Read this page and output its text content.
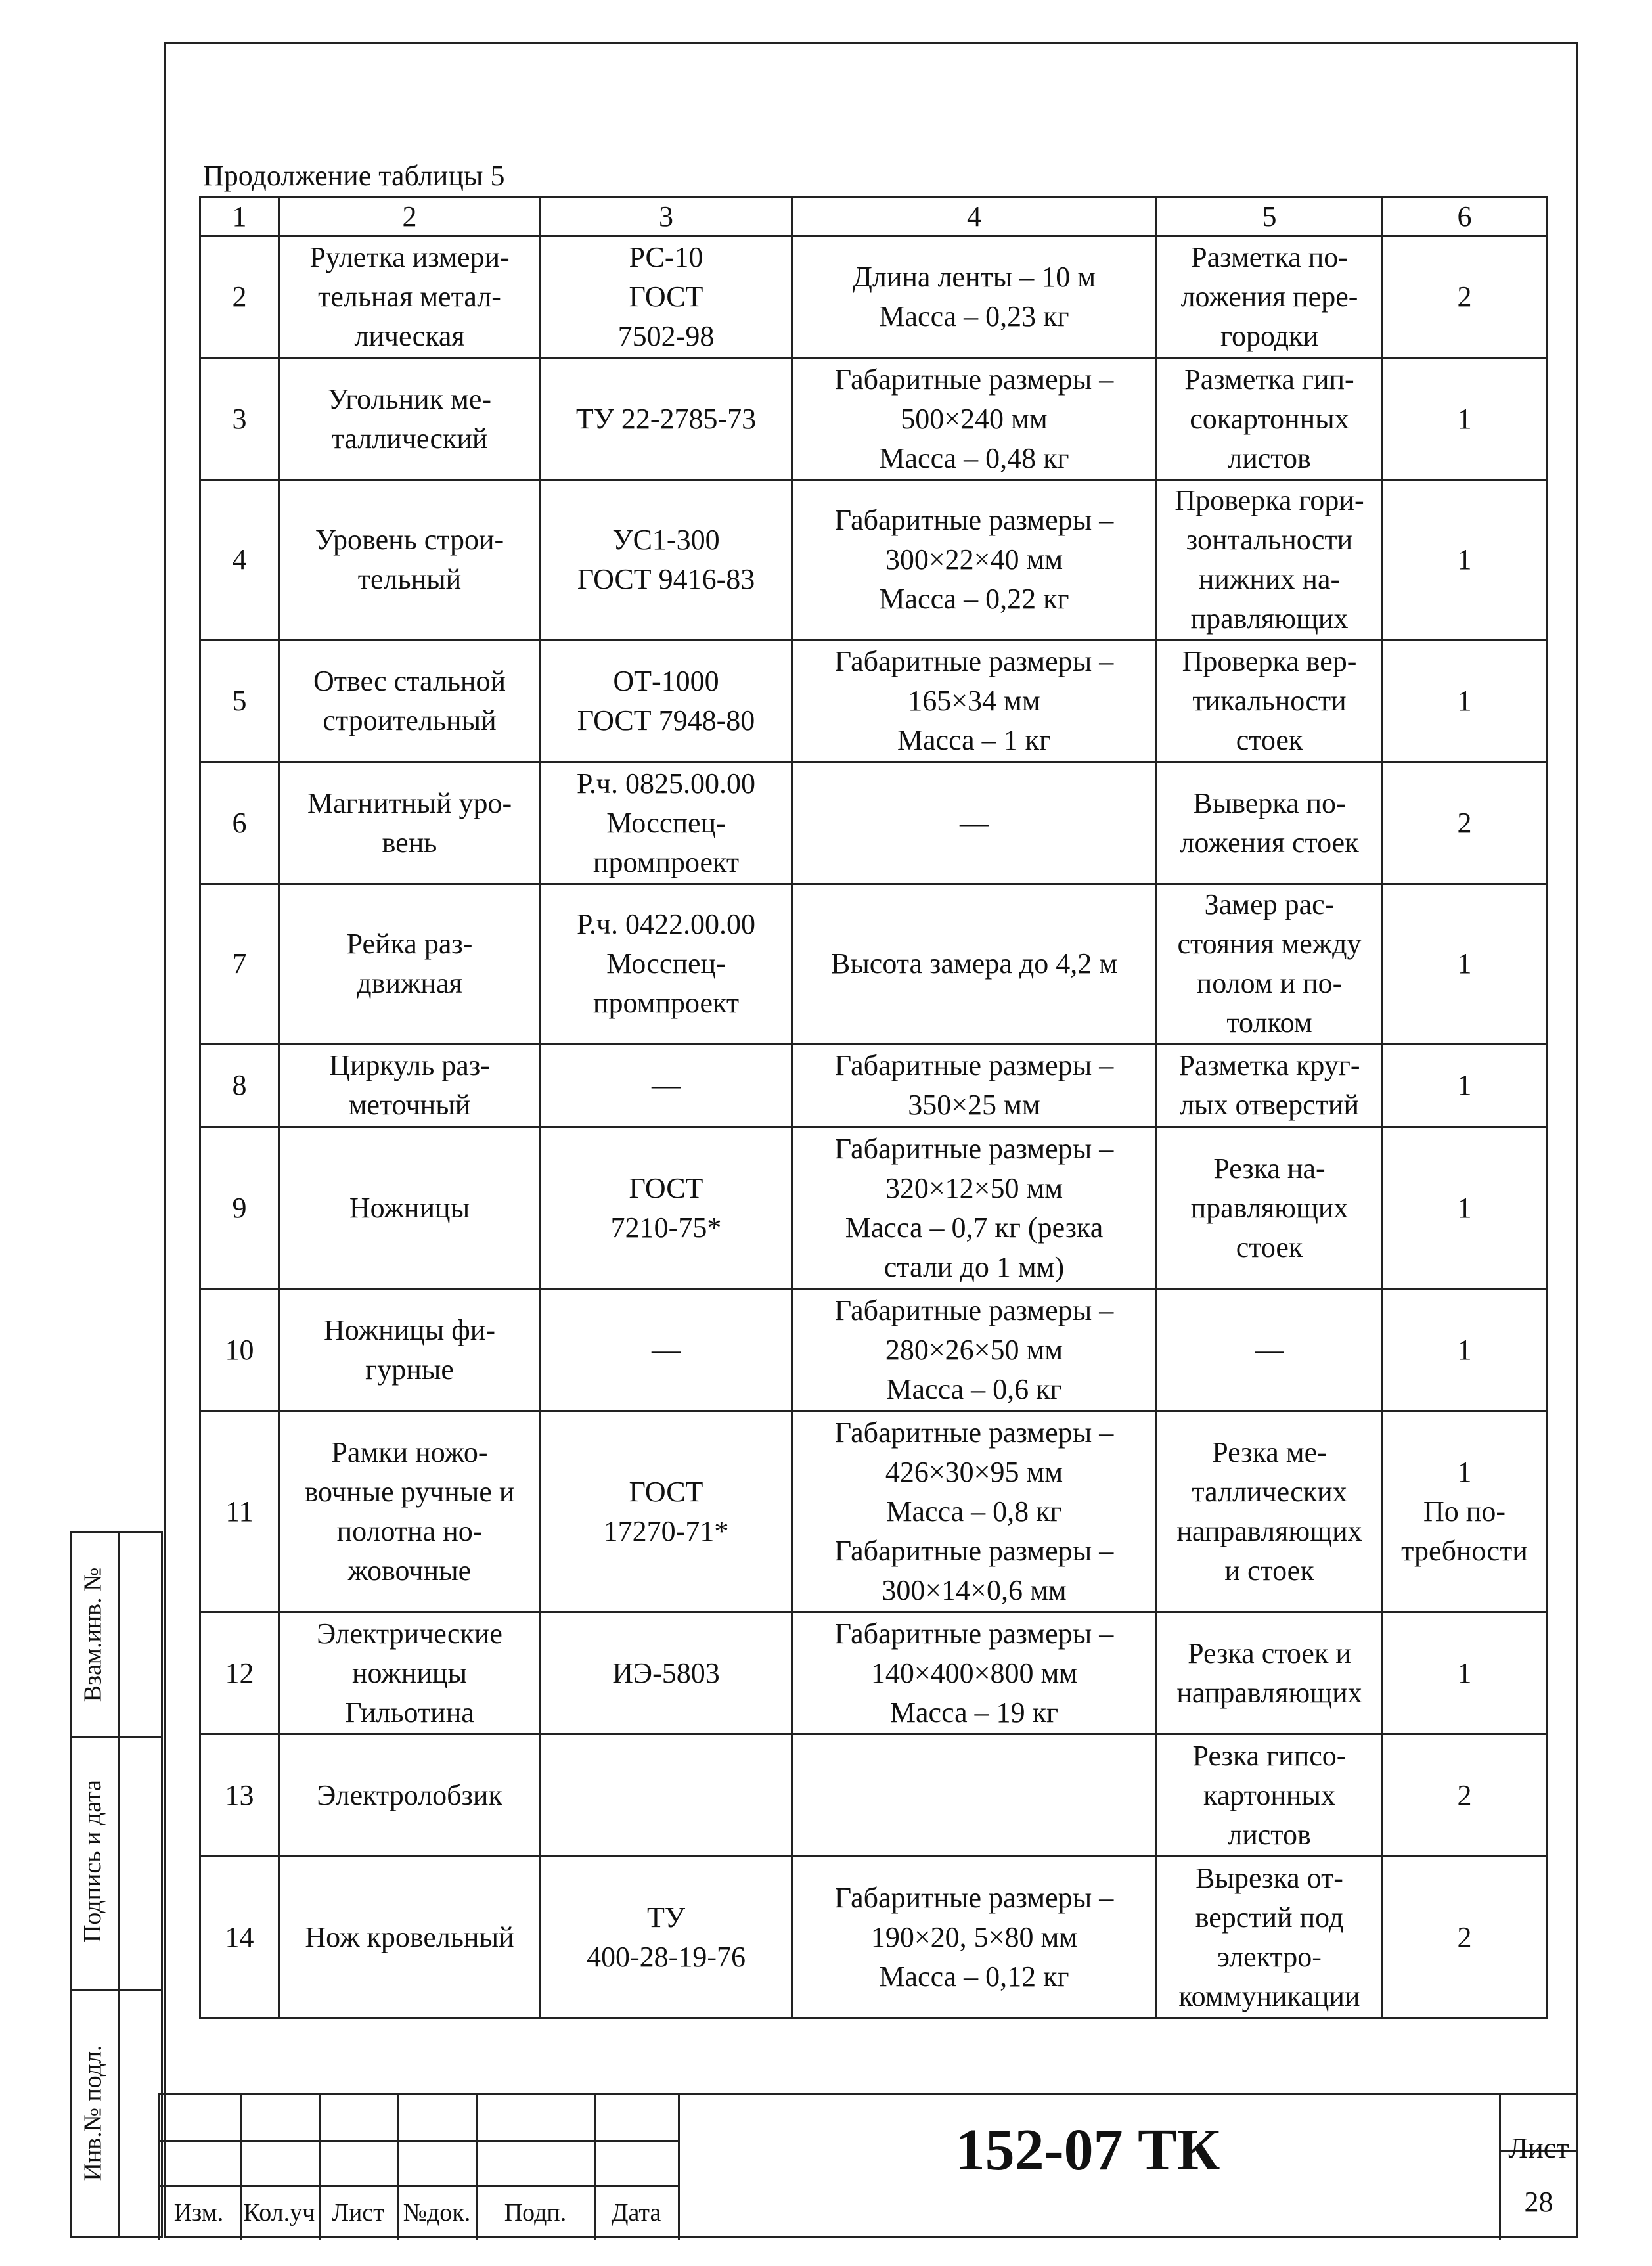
Продолжение таблицы 5
1	2	3	4	5	6
2	Рулетка измери-
тельная метал-
лическая	РС-10
ГОСТ
7502-98	Длина ленты – 10 м
Масса – 0,23 кг	Разметка по-
ложения пере-
городки	2

3	Угольник ме-
таллический	ТУ 22-2785-73	Габаритные размеры –
500×240 мм
Масса – 0,48 кг	Разметка гип-
сокартонных
листов	1

4	Уровень строи-
тельный	УС1-300
ГОСТ 9416-83	Габаритные размеры –
300×22×40 мм
Масса – 0,22 кг	Проверка гори-
зонтальности
нижних на-
правляющих	1

5	Отвес стальной
строительный	ОТ-1000
ГОСТ 7948-80	Габаритные размеры –
165×34 мм
Масса – 1 кг	Проверка вер-
тикальности
стоек	1

6	Магнитный уро-
вень	Р.ч. 0825.00.00
Мосспец-
промпроект	—	Выверка по-
ложения стоек	2

7	Рейка раз-
движная	Р.ч. 0422.00.00
Мосспец-
промпроект	Высота замера до 4,2 м	Замер рас-
стояния между
полом и по-
толком	1

8	Циркуль раз-
меточный	—	Габаритные размеры –
350×25 мм	Разметка круг-
лых отверстий	1

9	Ножницы	ГОСТ
7210-75*	Габаритные размеры –
320×12×50 мм
Масса – 0,7 кг (резка
стали до 1 мм)	Резка на-
правляющих
стоек	1

10	Ножницы фи-
гурные	—	Габаритные размеры –
280×26×50 мм
Масса – 0,6 кг	—	1

11	Рамки ножо-
вочные ручные и
полотна но-
жовочные	ГОСТ
17270-71*	Габаритные размеры –
426×30×95 мм
Масса – 0,8 кг
Габаритные размеры –
300×14×0,6 мм	Резка ме-
таллических
направляющих
и стоек	1
По по-
требности

12	Электрические
ножницы
Гильотина	ИЭ-5803	Габаритные размеры –
140×400×800 мм
Масса – 19 кг	Резка стоек и
направляющих	1

13	Электролобзик			Резка гипсо-
картонных
листов	2

14	Нож кровельный	ТУ
400-28-19-76	Габаритные размеры –
190×20, 5×80 мм
Масса – 0,12 кг	Вырезка от-
верстий под
электро-
коммуникации	2
Взам.инв. №
Подпись и дата
Инв.№ подл.
Изм. Кол.уч Лист №док.	Подп.	Дата
152-07 ТК	Лист
28
